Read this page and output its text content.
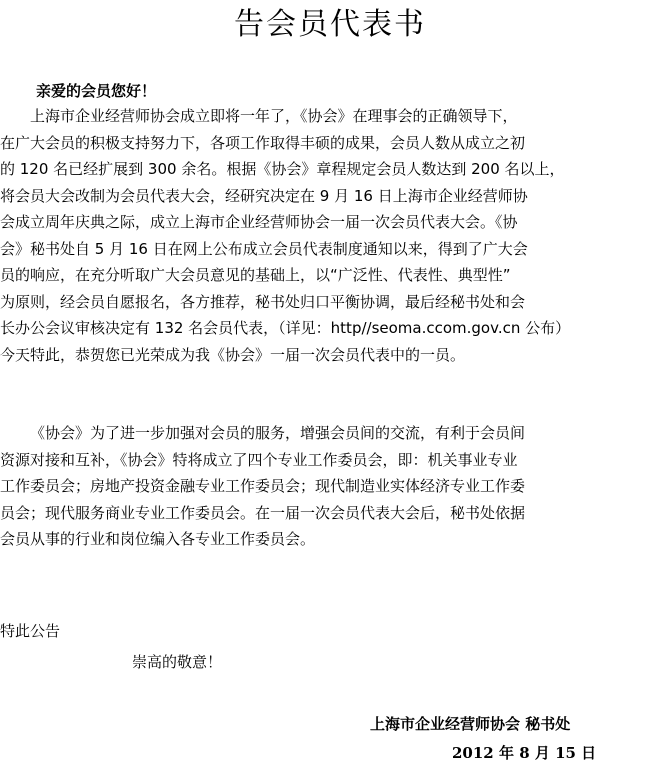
告会员代表书
亲爱的会员您好！
上海市企业经营师协会成立即将一年了，《协会》在理事会的正确领导下，
在广大会员的积极支持努力下，各项工作取得丰硕的成果，会员人数从成立之初
的 120 名已经扩展到 300 余名。根据《协会》章程规定会员人数达到 200 名以上，
将会员大会改制为会员代表大会，经研究决定在 9 月 16 日上海市企业经营师协
会成立周年庆典之际，成立上海市企业经营师协会一届一次会员代表大会。《协
会》秘书处自 5 月 16 日在网上公布成立会员代表制度通知以来，得到了广大会
员的响应，在充分听取广大会员意见的基础上，以“广泛性、代表性、典型性”
为原则，经会员自愿报名，各方推荐，秘书处归口平衡协调，最后经秘书处和会
长办公会议审核决定有 132 名会员代表，（详见：http//seoma.ccom.gov.cn 公布）
今天特此，恭贺您已光荣成为我《协会》一届一次会员代表中的一员。
《协会》为了进一步加强对会员的服务，增强会员间的交流，有利于会员间
资源对接和互补，《协会》特将成立了四个专业工作委员会，即：机关事业专业
工作委员会；房地产投资金融专业工作委员会；现代制造业实体经济专业工作委
员会；现代服务商业专业工作委员会。在一届一次会员代表大会后，秘书处依据
会员从事的行业和岗位编入各专业工作委员会。
特此公告
崇高的敬意！
上海市企业经营师协会 秘书处
2012 年 8 月 15 日
